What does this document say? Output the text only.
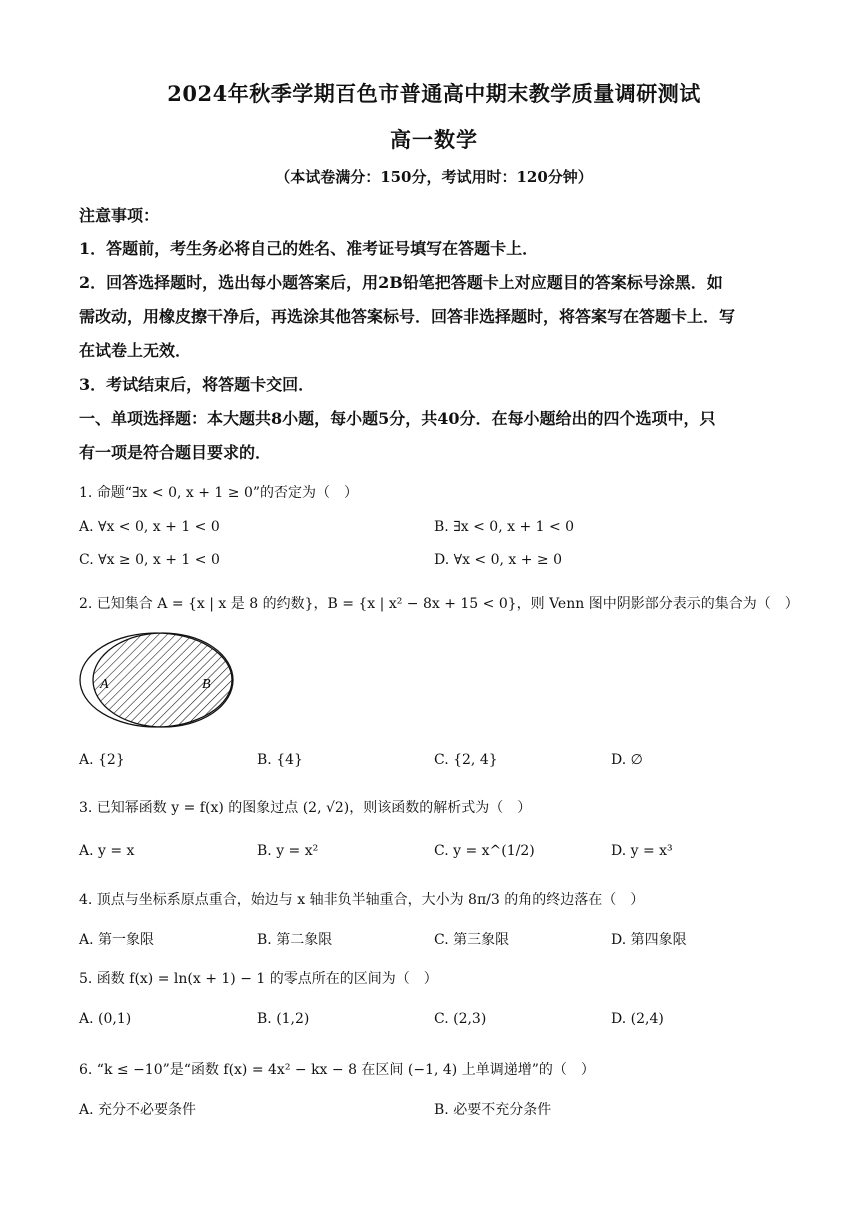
2024年秋季学期百色市普通高中期末教学质量调研测试
高一数学
（本试卷满分：150分，考试用时：120分钟）
注意事项：
1．答题前，考生务必将自己的姓名、准考证号填写在答题卡上．
2．回答选择题时，选出每小题答案后，用2B铅笔把答题卡上对应题目的答案标号涂黑．如
需改动，用橡皮擦干净后，再选涂其他答案标号．回答非选择题时，将答案写在答题卡上．写
在试卷上无效．
3．考试结束后，将答题卡交回．
一、单项选择题：本大题共8小题，每小题5分，共40分．在每小题给出的四个选项中，只
有一项是符合题目要求的．
1. 命题“∃x < 0, x + 1 ≥ 0”的否定为（　）
A. ∀x < 0, x + 1 < 0	B. ∃x < 0, x + 1 < 0
C. ∀x ≥ 0, x + 1 < 0	D. ∀x < 0, x + ≥ 0
2. 已知集合 A = {x | x 是 8 的约数}，B = {x | x² − 8x + 15 < 0}，则 Venn 图中阴影部分表示的集合为（　）
A	B
A. {2}	B. {4}	C. {2, 4}	D. ∅
3. 已知幂函数 y = f(x) 的图象过点 (2, √2)，则该函数的解析式为（　）
A. y = x	B. y = x²	C. y = x^(1/2)	D. y = x³
4. 顶点与坐标系原点重合，始边与 x 轴非负半轴重合，大小为 8π/3 的角的终边落在（　）
A. 第一象限	B. 第二象限	C. 第三象限	D. 第四象限
5. 函数 f(x) = ln(x + 1) − 1 的零点所在的区间为（　）
A. (0,1)	B. (1,2)	C. (2,3)	D. (2,4)
6. “k ≤ −10”是“函数 f(x) = 4x² − kx − 8 在区间 (−1, 4) 上单调递增”的（　）
A. 充分不必要条件	B. 必要不充分条件
